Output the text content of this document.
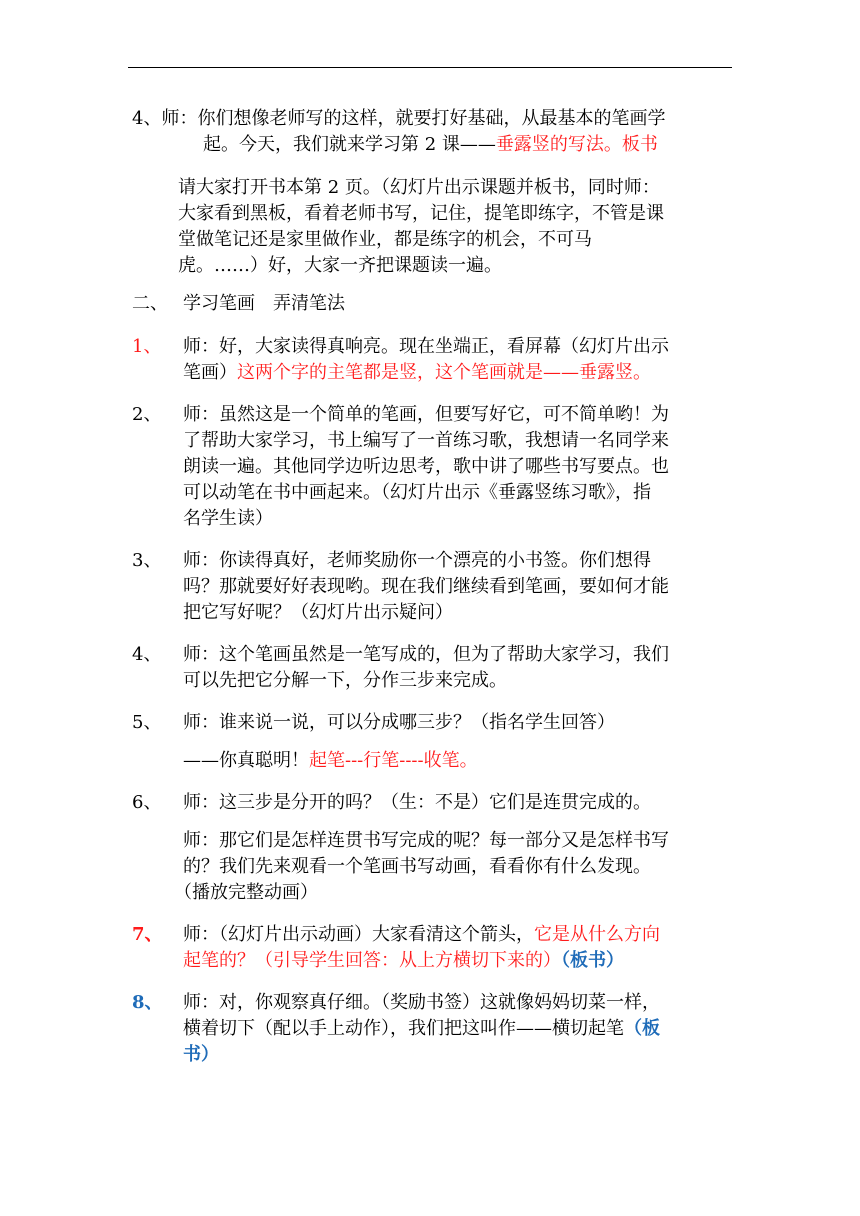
4、师：你们想像老师写的这样，就要打好基础，从最基本的笔画学
起。今天，我们就来学习第 2 课——垂露竖的写法。板书
请大家打开书本第 2 页。（幻灯片出示课题并板书，同时师：
大家看到黑板，看着老师书写，记住，提笔即练字，不管是课
堂做笔记还是家里做作业，都是练字的机会，不可马
虎。……）好，大家一齐把课题读一遍。
二、 学习笔画　弄清笔法
1、 师：好，大家读得真响亮。现在坐端正，看屏幕（幻灯片出示
笔画）这两个字的主笔都是竖，这个笔画就是——垂露竖。
2、 师：虽然这是一个简单的笔画，但要写好它，可不简单哟！为
了帮助大家学习，书上编写了一首练习歌，我想请一名同学来
朗读一遍。其他同学边听边思考，歌中讲了哪些书写要点。也
可以动笔在书中画起来。（幻灯片出示《垂露竖练习歌》，指
名学生读）
3、 师：你读得真好，老师奖励你一个漂亮的小书签。你们想得
吗？那就要好好表现哟。现在我们继续看到笔画，要如何才能
把它写好呢？（幻灯片出示疑问）
4、 师：这个笔画虽然是一笔写成的，但为了帮助大家学习，我们
可以先把它分解一下，分作三步来完成。
5、 师：谁来说一说，可以分成哪三步？（指名学生回答）
——你真聪明！起笔---行笔----收笔。
6、 师：这三步是分开的吗？（生：不是）它们是连贯完成的。
师：那它们是怎样连贯书写完成的呢？每一部分又是怎样书写
的？我们先来观看一个笔画书写动画，看看你有什么发现。
（播放完整动画）
7、 师：（幻灯片出示动画）大家看清这个箭头，它是从什么方向
起笔的？（引导学生回答：从上方横切下来的）（板书）
8、 师：对，你观察真仔细。（奖励书签）这就像妈妈切菜一样，
横着切下（配以手上动作），我们把这叫作——横切起笔（板
书）
